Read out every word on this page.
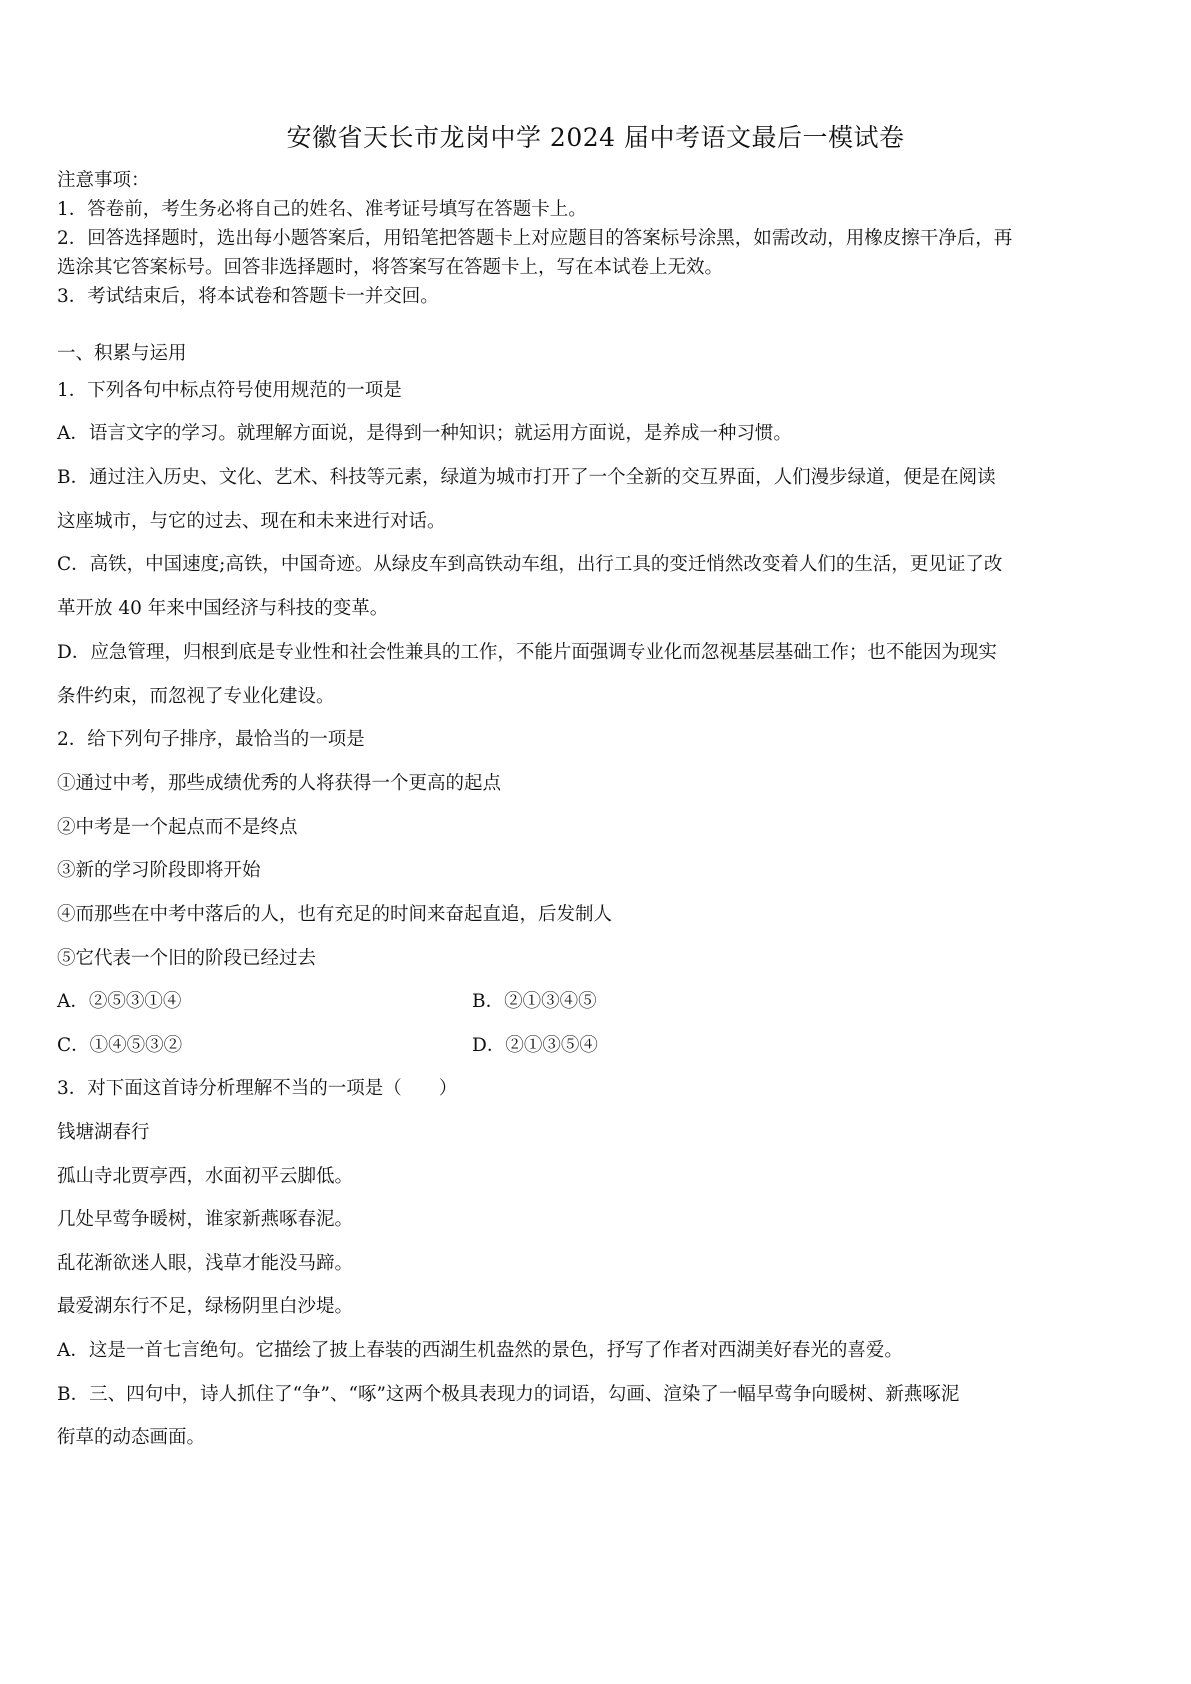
安徽省天长市龙岗中学 2024 届中考语文最后一模试卷
注意事项：
1．答卷前，考生务必将自己的姓名、准考证号填写在答题卡上。
2．回答选择题时，选出每小题答案后，用铅笔把答题卡上对应题目的答案标号涂黑，如需改动，用橡皮擦干净后，再
选涂其它答案标号。回答非选择题时，将答案写在答题卡上，写在本试卷上无效。
3．考试结束后，将本试卷和答题卡一并交回。
一、积累与运用
1．下列各句中标点符号使用规范的一项是
A．语言文字的学习。就理解方面说，是得到一种知识；就运用方面说，是养成一种习惯。
B．通过注入历史、文化、艺术、科技等元素，绿道为城市打开了一个全新的交互界面，人们漫步绿道，便是在阅读
这座城市，与它的过去、现在和未来进行对话。
C．高铁，中国速度;高铁，中国奇迹。从绿皮车到高铁动车组，出行工具的变迁悄然改变着人们的生活，更见证了改
革开放 40 年来中国经济与科技的变革。
D．应急管理，归根到底是专业性和社会性兼具的工作，不能片面强调专业化而忽视基层基础工作；也不能因为现实
条件约束，而忽视了专业化建设。
2．给下列句子排序，最恰当的一项是
①通过中考，那些成绩优秀的人将获得一个更高的起点
②中考是一个起点而不是终点
③新的学习阶段即将开始
④而那些在中考中落后的人，也有充足的时间来奋起直追，后发制人
⑤它代表一个旧的阶段已经过去
A．②⑤③①④	B．②①③④⑤
C．①④⑤③②	D．②①③⑤④
3．对下面这首诗分析理解不当的一项是（　　）
钱塘湖春行
孤山寺北贾亭西，水面初平云脚低。
几处早莺争暖树，谁家新燕啄春泥。
乱花渐欲迷人眼，浅草才能没马蹄。
最爱湖东行不足，绿杨阴里白沙堤。
A．这是一首七言绝句。它描绘了披上春装的西湖生机盎然的景色，抒写了作者对西湖美好春光的喜爱。
B．三、四句中，诗人抓住了“争”、“啄”这两个极具表现力的词语，勾画、渲染了一幅早莺争向暖树、新燕啄泥
衔草的动态画面。
